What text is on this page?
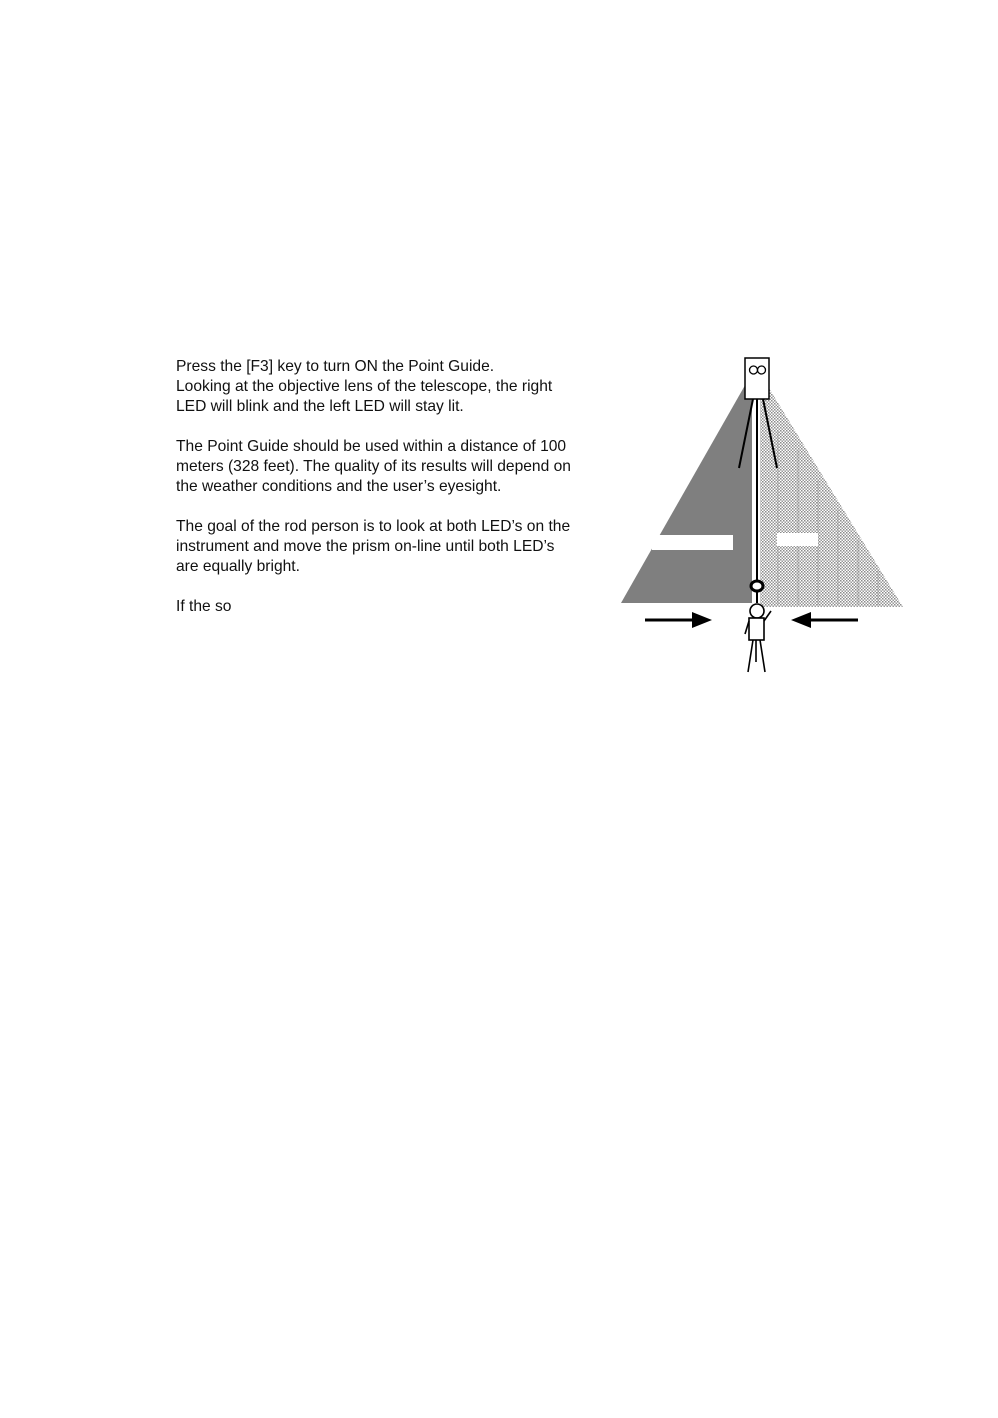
Press the [F3] key to turn ON the Point Guide.
Looking at the objective lens of the telescope, the right
LED will blink and the left LED will stay lit.

The Point Guide should be used within a distance of 100
meters (328 feet). The quality of its results will depend on
the weather conditions and the user’s eyesight.

The goal of the rod person is to look at both LED’s on the
instrument and move the prism on-line until both LED’s
are equally bright.

If the so
